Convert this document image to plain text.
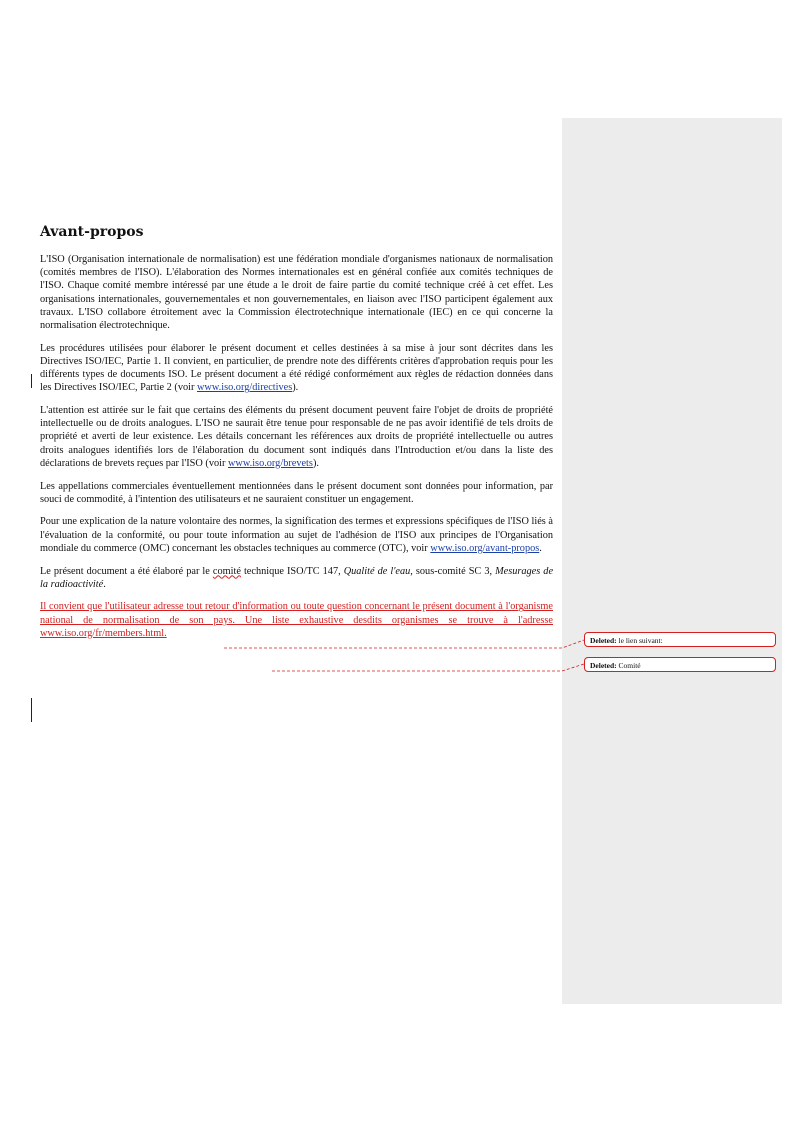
Avant-propos

L'ISO (Organisation internationale de normalisation) est une fédération mondiale d'organismes nationaux de normalisation (comités membres de l'ISO). L'élaboration des Normes internationales est en général confiée aux comités techniques de l'ISO. Chaque comité membre intéressé par une étude a le droit de faire partie du comité technique créé à cet effet. Les organisations internationales, gouvernementales et non gouvernementales, en liaison avec l'ISO participent également aux travaux. L'ISO collabore étroitement avec la Commission électrotechnique internationale (IEC) en ce qui concerne la normalisation électrotechnique.

Les procédures utilisées pour élaborer le présent document et celles destinées à sa mise à jour sont décrites dans les Directives ISO/IEC, Partie 1. Il convient, en particulier, de prendre note des différents critères d'approbation requis pour les différents types de documents ISO. Le présent document a été rédigé conformément aux règles de rédaction données dans les Directives ISO/IEC, Partie 2 (voir www.iso.org/directives).

L'attention est attirée sur le fait que certains des éléments du présent document peuvent faire l'objet de droits de propriété intellectuelle ou de droits analogues. L'ISO ne saurait être tenue pour responsable de ne pas avoir identifié de tels droits de propriété et averti de leur existence. Les détails concernant les références aux droits de propriété intellectuelle ou autres droits analogues identifiés lors de l'élaboration du document sont indiqués dans l'Introduction et/ou dans la liste des déclarations de brevets reçues par l'ISO (voir www.iso.org/brevets).

Les appellations commerciales éventuellement mentionnées dans le présent document sont données pour information, par souci de commodité, à l'intention des utilisateurs et ne sauraient constituer un engagement.

Pour une explication de la nature volontaire des normes, la signification des termes et expressions spécifiques de l'ISO liés à l'évaluation de la conformité, ou pour toute information au sujet de l'adhésion de l'ISO aux principes de l'Organisation mondiale du commerce (OMC) concernant les obstacles techniques au commerce (OTC), voir www.iso.org/avant-propos.

Le présent document a été élaboré par le comité technique ISO/TC 147, Qualité de l'eau, sous-comité SC 3, Mesurages de la radioactivité.

Il convient que l'utilisateur adresse tout retour d'information ou toute question concernant le présent document à l'organisme national de normalisation de son pays. Une liste exhaustive desdits organismes se trouve à l'adresse www.iso.org/fr/members.html.

Deleted: le lien suivant:
Deleted: Comité
